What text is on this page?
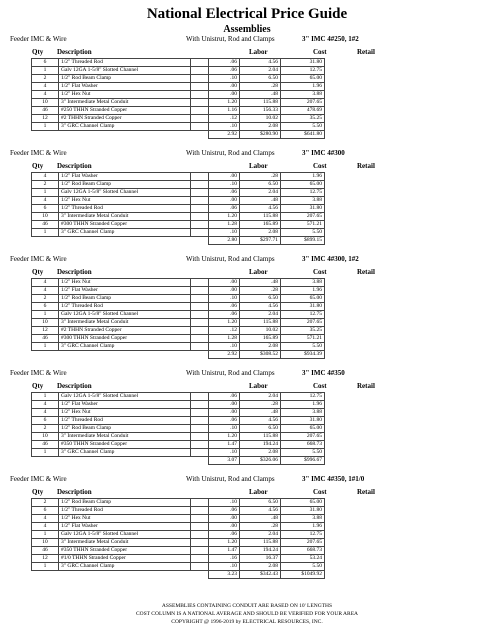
National Electrical Price Guide
Assemblies
Feeder IMC & Wire	With Unistrut, Rod and Clamps	3" IMC 4#250, 1#2
Qty Description	Labor	Cost	Retail
6	1/2" Threaded Rod		.06	4.56	31.80
1	Galv 12GA 1-5/8" Slotted Channel		.06	2.04	12.75
2	1/2" Rod Beam Clamp		.10	6.50	65.00
4	1/2" Flat Washer		.00	.28	1.96
4	1/2" Hex Nut		.00	.48	3.88
10	3" Intermediate Metal Conduit		1.20	115.88	207.65
46	#250 THHN Stranded Copper		1.16	156.33	478.69
12	#2 THHN Stranded Copper		.12	10.02	35.25
1	3" GRC Channel Clamp		.10	2.08	5.50
			2.92	$280.90	$641.80
Feeder IMC & Wire	With Unistrut, Rod and Clamps	3" IMC 4#300
Qty Description	Labor	Cost	Retail
4	1/2" Flat Washer		.00	.28	1.96
2	1/2" Rod Beam Clamp		.10	6.50	65.00
1	Galv 12GA 1-5/8" Slotted Channel		.06	2.04	12.75
4	1/2" Hex Nut		.00	.48	3.88
6	1/2" Threaded Rod		.06	4.56	31.80
10	3" Intermediate Metal Conduit		1.20	115.88	207.65
46	#300 THHN Stranded Copper		1.28	165.89	571.21
1	3" GRC Channel Clamp		.10	2.08	5.50
			2.80	$297.71	$899.15
Feeder IMC & Wire	With Unistrut, Rod and Clamps	3" IMC 4#300, 1#2
Qty Description	Labor	Cost	Retail
4	1/2" Hex Nut		.00	.48	3.88
4	1/2" Flat Washer		.00	.28	1.96
2	1/2" Rod Beam Clamp		.10	6.50	65.00
6	1/2" Threaded Rod		.06	4.56	31.80
1	Galv 12GA 1-5/8" Slotted Channel		.06	2.04	12.75
10	3" Intermediate Metal Conduit		1.20	115.88	207.65
12	#2 THHN Stranded Copper		.12	10.02	35.25
46	#300 THHN Stranded Copper		1.28	165.89	571.21
1	3" GRC Channel Clamp		.10	2.08	5.50
			2.92	$308.52	$934.39
Feeder IMC & Wire	With Unistrut, Rod and Clamps	3" IMC 4#350
Qty Description	Labor	Cost	Retail
1	Galv 12GA 1-5/8" Slotted Channel		.06	2.04	12.75
4	1/2" Flat Washer		.00	.28	1.96
4	1/2" Hex Nut		.00	.48	3.88
6	1/2" Threaded Rod		.06	4.56	31.80
2	1/2" Rod Beam Clamp		.10	6.50	65.00
10	3" Intermediate Metal Conduit		1.20	115.88	207.65
46	#350 THHN Stranded Copper		1.47	194.24	668.73
1	3" GRC Channel Clamp		.10	2.08	5.50
			3.07	$326.06	$996.67
Feeder IMC & Wire	With Unistrut, Rod and Clamps	3" IMC 4#350, 1#1/0
Qty Description	Labor	Cost	Retail
2	1/2" Rod Beam Clamp		.10	6.50	65.00
6	1/2" Threaded Rod		.06	4.56	31.80
4	1/2" Hex Nut		.00	.48	3.88
4	1/2" Flat Washer		.00	.28	1.96
1	Galv 12GA 1-5/8" Slotted Channel		.06	2.04	12.75
10	3" Intermediate Metal Conduit		1.20	115.88	207.65
46	#350 THHN Stranded Copper		1.47	194.24	668.73
12	#1/0 THHN Stranded Copper		.16	16.37	53.24
1	3" GRC Channel Clamp		.10	2.08	5.50
			3.23	$342.43	$1049.92
ASSEMBLIES CONTAINING CONDUIT ARE BASED ON 10' LENGTHS
COST COLUMN IS A NATIONAL AVERAGE AND SHOULD BE VERIFIED FOR YOUR AREA
COPYRIGHT @ 1996-2019 by ELECTRICAL RESOURCES, INC.
